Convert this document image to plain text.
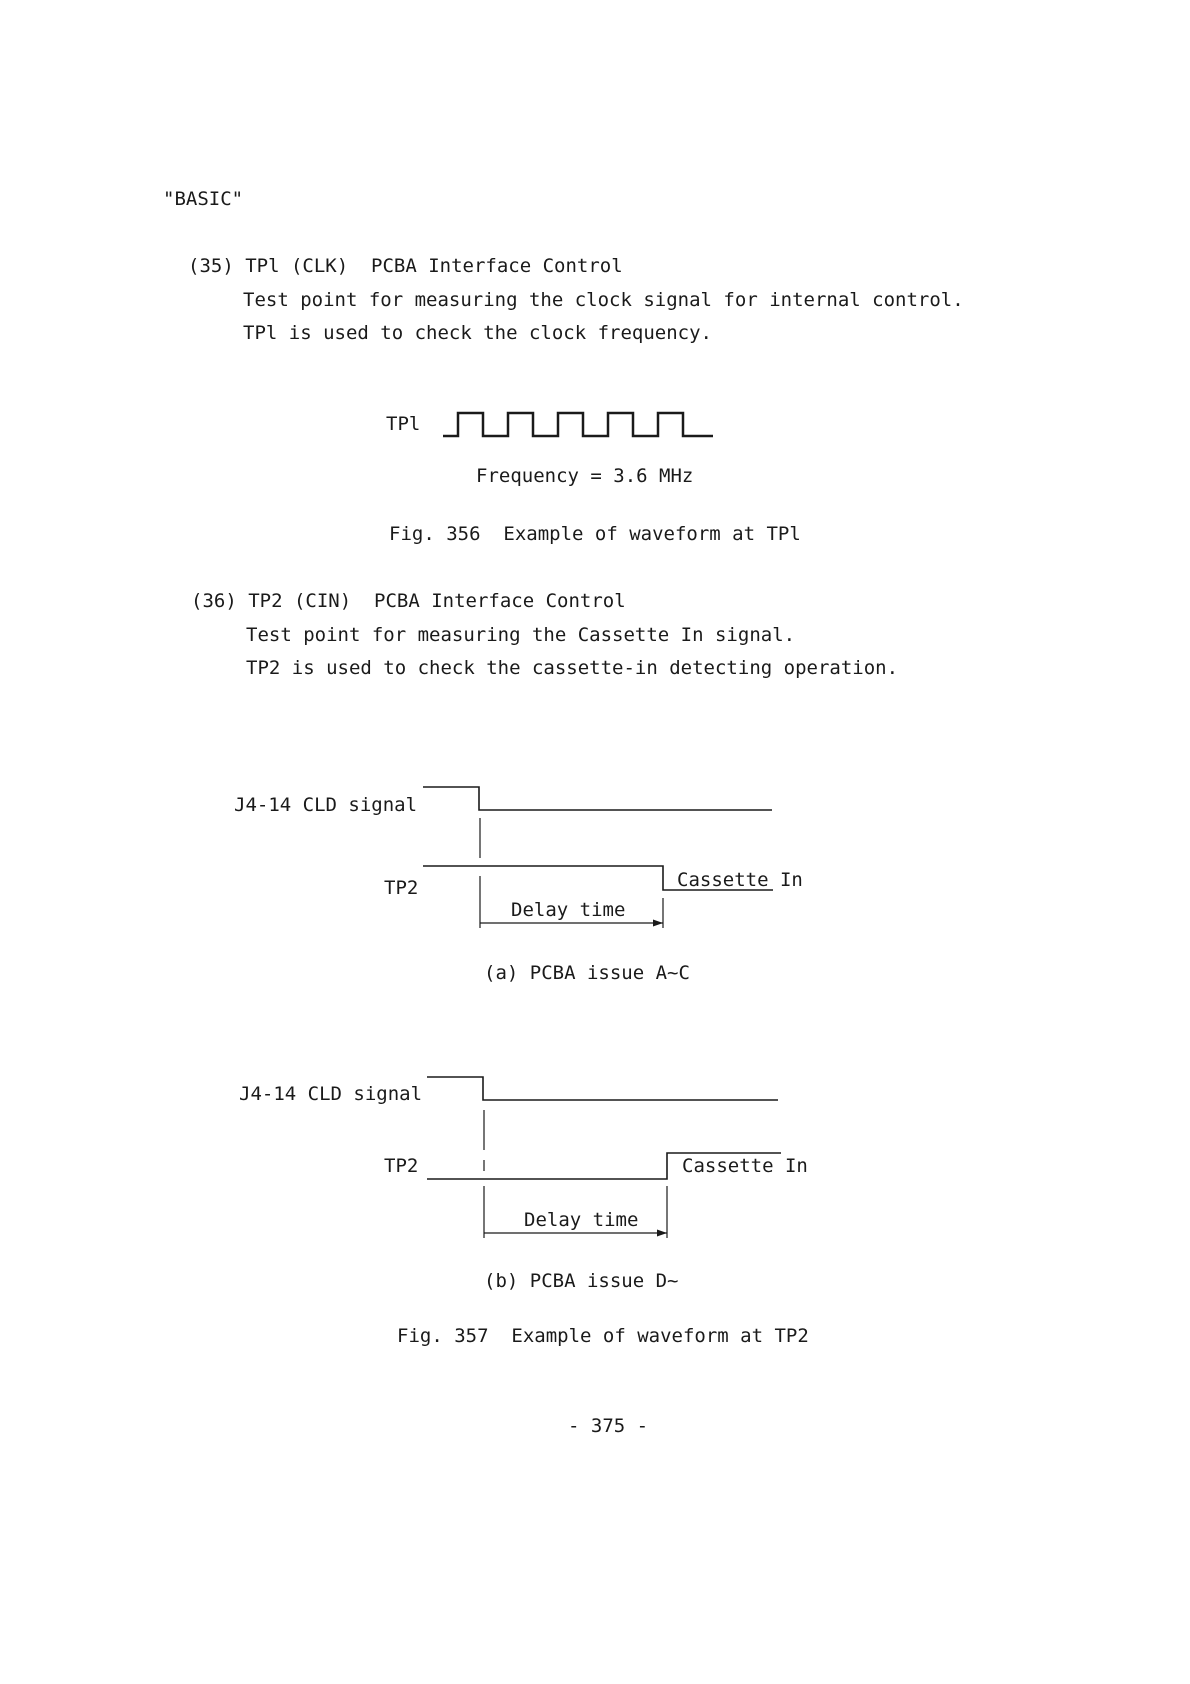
"BASIC"
(35) TPl (CLK)  PCBA Interface Control
Test point for measuring the clock signal for internal control.
TPl is used to check the clock frequency.
TPl
Frequency = 3.6 MHz
Fig. 356  Example of waveform at TPl
(36) TP2 (CIN)  PCBA Interface Control
Test point for measuring the Cassette In signal.
TP2 is used to check the cassette-in detecting operation.
J4-14 CLD signal
TP2	Cassette In
Delay time
(a) PCBA issue A~C
J4-14 CLD signal
TP2	Cassette In
Delay time
(b) PCBA issue D~
Fig. 357  Example of waveform at TP2
- 375 -
